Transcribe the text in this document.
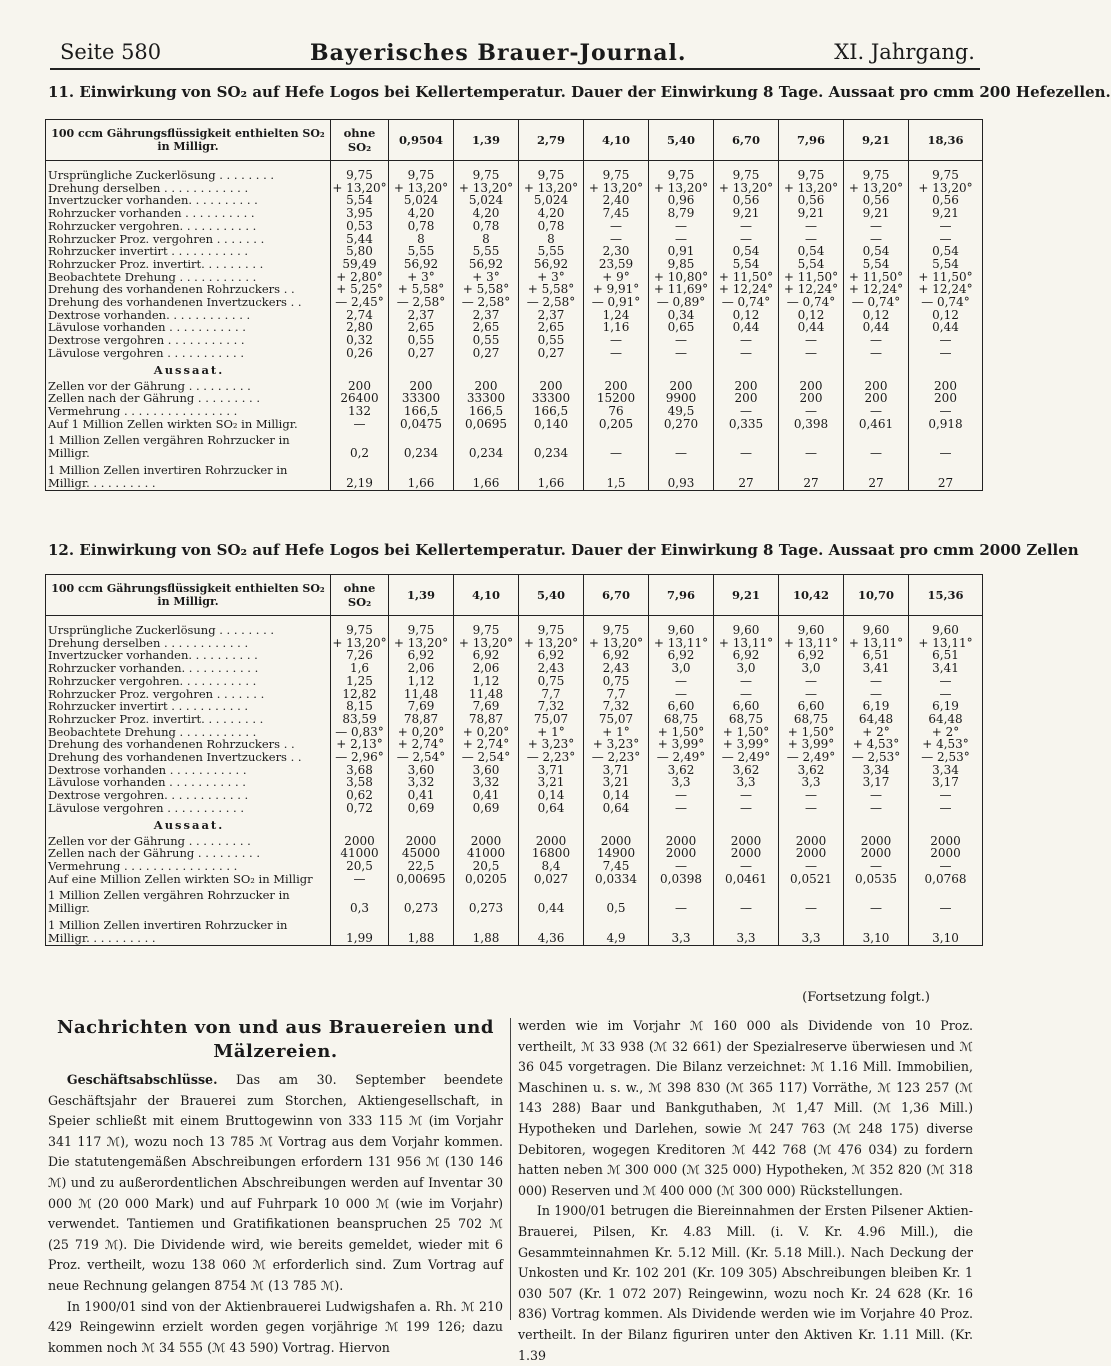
Seite 580	Bayerisches Brauer-Journal.	XI. Jahrgang.
11. Einwirkung von SO₂ auf Hefe Logos bei Kellertemperatur. Dauer der Einwirkung 8 Tage. Aussaat pro cmm 200 Hefezellen.
100 ccm Gährungsflüssigkeit enthielten SO₂ in Milligr.	ohne SO₂	0,9504	1,39	2,79	4,10	5,40	6,70	7,96	9,21	18,36

Ursprüngliche Zuckerlösung . . . . . . . .	9,75	9,75	9,75	9,75	9,75	9,75	9,75	9,75	9,75	9,75
Drehung derselben . . . . . . . . . . . .	+ 13,20°	+ 13,20°	+ 13,20°	+ 13,20°	+ 13,20°	+ 13,20°	+ 13,20°	+ 13,20°	+ 13,20°	+ 13,20°
Invertzucker vorhanden. . . . . . . . . .	5,54	5,024	5,024	5,024	2,40	0,96	0,56	0,56	0,56	0,56
Rohrzucker vorhanden . . . . . . . . . .	3,95	4,20	4,20	4,20	7,45	8,79	9,21	9,21	9,21	9,21
Rohrzucker vergohren. . . . . . . . . . .	0,53	0,78	0,78	0,78	—	—	—	—	—	—
Rohrzucker Proz. vergohren . . . . . . .	5,44	8	8	8	—	—	—	—	—	—
Rohrzucker invertirt . . . . . . . . . . .	5,80	5,55	5,55	5,55	2,30	0,91	0,54	0,54	0,54	0,54
Rohrzucker Proz. invertirt. . . . . . . . .	59,49	56,92	56,92	56,92	23,59	9,85	5,54	5,54	5,54	5,54
Beobachtete Drehung . . . . . . . . . . .	+ 2,80°	+ 3°	+ 3°	+ 3°	+ 9°	+ 10,80°	+ 11,50°	+ 11,50°	+ 11,50°	+ 11,50°
Drehung des vorhandenen Rohrzuckers . .	+ 5,25°	+ 5,58°	+ 5,58°	+ 5,58°	+ 9,91°	+ 11,69°	+ 12,24°	+ 12,24°	+ 12,24°	+ 12,24°
Drehung des vorhandenen Invertzuckers . .	— 2,45°	— 2,58°	— 2,58°	— 2,58°	— 0,91°	— 0,89°	— 0,74°	— 0,74°	— 0,74°	— 0,74°
Dextrose vorhanden. . . . . . . . . . . .	2,74	2,37	2,37	2,37	1,24	0,34	0,12	0,12	0,12	0,12
Lävulose vorhanden . . . . . . . . . . .	2,80	2,65	2,65	2,65	1,16	0,65	0,44	0,44	0,44	0,44
Dextrose vergohren . . . . . . . . . . .	0,32	0,55	0,55	0,55	—	—	—	—	—	—
Lävulose vergohren . . . . . . . . . . .	0,26	0,27	0,27	0,27	—	—	—	—	—	—
Aussaat.										
Zellen vor der Gährung . . . . . . . . .	200	200	200	200	200	200	200	200	200	200
Zellen nach der Gährung . . . . . . . . .	26400	33300	33300	33300	15200	9900	200	200	200	200
Vermehrung . . . . . . . . . . . . . . . .	132	166,5	166,5	166,5	76	49,5	—	—	—	—
Auf 1 Million Zellen wirkten SO₂ in Milligr.	—	0,0475	0,0695	0,140	0,205	0,270	0,335	0,398	0,461	0,918
1 Million Zellen vergähren Rohrzucker in Milligr.	0,2	0,234	0,234	0,234	—	—	—	—	—	—
1 Million Zellen invertiren Rohrzucker in Milligr. . . . . . . . . .	2,19	1,66	1,66	1,66	1,5	0,93	27	27	27	27
12. Einwirkung von SO₂ auf Hefe Logos bei Kellertemperatur. Dauer der Einwirkung 8 Tage. Aussaat pro cmm 2000 Zellen
100 ccm Gährungsflüssigkeit enthielten SO₂ in Milligr.	ohne SO₂	1,39	4,10	5,40	6,70	7,96	9,21	10,42	10,70	15,36

Ursprüngliche Zuckerlösung . . . . . . . .	9,75	9,75	9,75	9,75	9,75	9,60	9,60	9,60	9,60	9,60
Drehung derselben . . . . . . . . . . . .	+ 13,20°	+ 13,20°	+ 13,20°	+ 13,20°	+ 13,20°	+ 13,11°	+ 13,11°	+ 13,11°	+ 13,11°	+ 13,11°
Invertzucker vorhanden. . . . . . . . . .	7,26	6,92	6,92	6,92	6,92	6,92	6,92	6,92	6,51	6,51
Rohrzucker vorhanden. . . . . . . . . . .	1,6	2,06	2,06	2,43	2,43	3,0	3,0	3,0	3,41	3,41
Rohrzucker vergohren. . . . . . . . . . .	1,25	1,12	1,12	0,75	0,75	—	—	—	—	—
Rohrzucker Proz. vergohren . . . . . . .	12,82	11,48	11,48	7,7	7,7	—	—	—	—	—
Rohrzucker invertirt . . . . . . . . . . .	8,15	7,69	7,69	7,32	7,32	6,60	6,60	6,60	6,19	6,19
Rohrzucker Proz. invertirt. . . . . . . . .	83,59	78,87	78,87	75,07	75,07	68,75	68,75	68,75	64,48	64,48
Beobachtete Drehung . . . . . . . . . . .	— 0,83°	+ 0,20°	+ 0,20°	+ 1°	+ 1°	+ 1,50°	+ 1,50°	+ 1,50°	+ 2°	+ 2°
Drehung des vorhandenen Rohrzuckers . .	+ 2,13°	+ 2,74°	+ 2,74°	+ 3,23°	+ 3,23°	+ 3,99°	+ 3,99°	+ 3,99°	+ 4,53°	+ 4,53°
Drehung des vorhandenen Invertzuckers . .	— 2,96°	— 2,54°	— 2,54°	— 2,23°	— 2,23°	— 2,49°	— 2,49°	— 2,49°	— 2,53°	— 2,53°
Dextrose vorhanden . . . . . . . . . . .	3,68	3,60	3,60	3,71	3,71	3,62	3,62	3,62	3,34	3,34
Lävulose vorhanden . . . . . . . . . . .	3,58	3,32	3,32	3,21	3,21	3,3	3,3	3,3	3,17	3,17
Dextrose vergohren. . . . . . . . . . . .	0,62	0,41	0,41	0,14	0,14	—	—	—	—	—
Lävulose vergohren . . . . . . . . . . .	0,72	0,69	0,69	0,64	0,64	—	—	—	—	—
Aussaat.										
Zellen vor der Gährung . . . . . . . . .	2000	2000	2000	2000	2000	2000	2000	2000	2000	2000
Zellen nach der Gährung . . . . . . . . .	41000	45000	41000	16800	14900	2000	2000	2000	2000	2000
Vermehrung . . . . . . . . . . . . . . . .	20,5	22,5	20,5	8,4	7,45	—	—	—	—	—
Auf eine Million Zellen wirkten SO₂ in Milligr	—	0,00695	0,0205	0,027	0,0334	0,0398	0,0461	0,0521	0,0535	0,0768
1 Million Zellen vergähren Rohrzucker in Milligr.	0,3	0,273	0,273	0,44	0,5	—	—	—	—	—
1 Million Zellen invertiren Rohrzucker in Milligr. . . . . . . . . .	1,99	1,88	1,88	4,36	4,9	3,3	3,3	3,3	3,10	3,10
(Fortsetzung folgt.)

Nachrichten von und aus Brauereien und Mälzereien.

Geschäftsabschlüsse. Das am 30. September beendete Geschäftsjahr der Brauerei zum Storchen, Aktiengesellschaft, in Speier schließt mit einem Bruttogewinn von 333 115 ℳ (im Vorjahr 341 117 ℳ), wozu noch 13 785 ℳ Vortrag aus dem Vorjahr kommen. Die statutengemäßen Abschreibungen erfordern 131 956 ℳ (130 146 ℳ) und zu außerordentlichen Abschreibungen werden auf Inventar 30 000 ℳ (20 000 Mark) und auf Fuhrpark 10 000 ℳ (wie im Vorjahr) verwendet. Tantiemen und Gratifikationen beanspruchen 25 702 ℳ (25 719 ℳ). Die Dividende wird, wie bereits gemeldet, wieder mit 6 Proz. vertheilt, wozu 138 060 ℳ erforderlich sind. Zum Vortrag auf neue Rechnung gelangen 8754 ℳ (13 785 ℳ).

In 1900/01 sind von der Aktienbrauerei Ludwigshafen a. Rh. ℳ 210 429 Reingewinn erzielt worden gegen vorjährige ℳ 199 126; dazu kommen noch ℳ 34 555 (ℳ 43 590) Vortrag. Hiervon

werden wie im Vorjahr ℳ 160 000 als Dividende von 10 Proz. vertheilt, ℳ 33 938 (ℳ 32 661) der Spezialreserve überwiesen und ℳ 36 045 vorgetragen. Die Bilanz verzeichnet: ℳ 1.16 Mill. Immobilien, Maschinen u. s. w., ℳ 398 830 (ℳ 365 117) Vorräthe, ℳ 123 257 (ℳ 143 288) Baar und Bankguthaben, ℳ 1,47 Mill. (ℳ 1,36 Mill.) Hypotheken und Darlehen, sowie ℳ 247 763 (ℳ 248 175) diverse Debitoren, wogegen Kreditoren ℳ 442 768 (ℳ 476 034) zu fordern hatten neben ℳ 300 000 (ℳ 325 000) Hypotheken, ℳ 352 820 (ℳ 318 000) Reserven und ℳ 400 000 (ℳ 300 000) Rückstellungen.

In 1900/01 betrugen die Biereinnahmen der Ersten Pilsener Aktien-Brauerei, Pilsen, Kr. 4.83 Mill. (i. V. Kr. 4.96 Mill.), die Gesammteinnahmen Kr. 5.12 Mill. (Kr. 5.18 Mill.). Nach Deckung der Unkosten und Kr. 102 201 (Kr. 109 305) Abschreibungen bleiben Kr. 1 030 507 (Kr. 1 072 207) Reingewinn, wozu noch Kr. 24 628 (Kr. 16 836) Vortrag kommen. Als Dividende werden wie im Vorjahre 40 Proz. vertheilt. In der Bilanz figuriren unter den Aktiven Kr. 1.11 Mill. (Kr. 1.39
